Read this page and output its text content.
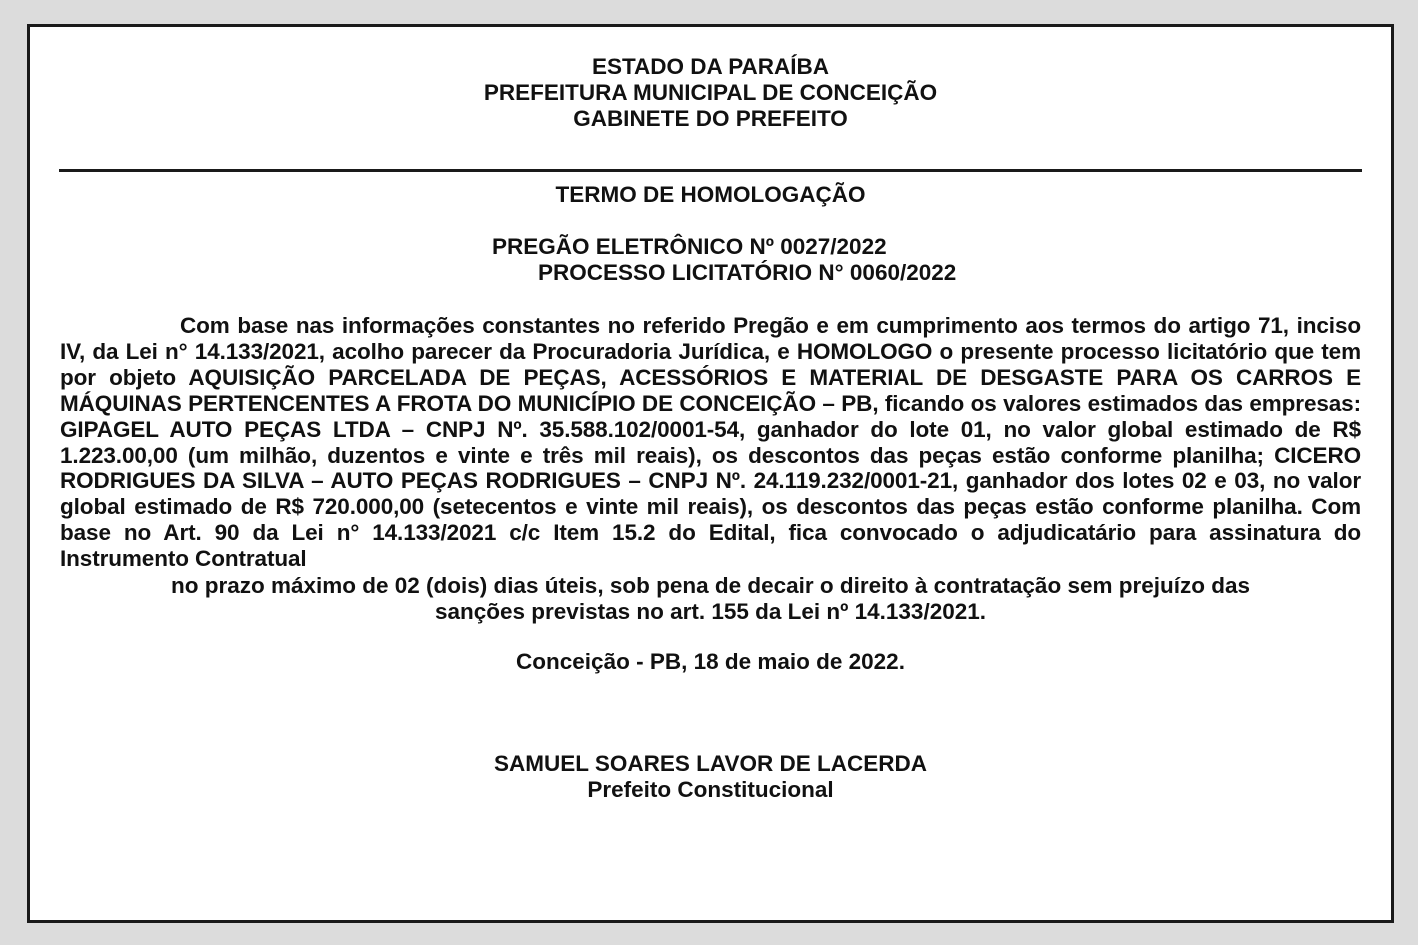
ESTADO DA PARAÍBA
PREFEITURA MUNICIPAL DE CONCEIÇÃO
GABINETE DO PREFEITO
TERMO DE HOMOLOGAÇÃO
PREGÃO ELETRÔNICO Nº 0027/2022
PROCESSO LICITATÓRIO N° 0060/2022
Com base nas informações constantes no referido Pregão e em cumprimento aos termos do artigo 71, inciso IV, da Lei n° 14.133/2021, acolho parecer da Procuradoria Jurídica, e HOMOLOGO o presente processo licitatório que tem por objeto AQUISIÇÃO PARCELADA DE PEÇAS, ACESSÓRIOS E MATERIAL DE DESGASTE PARA OS CARROS E MÁQUINAS PERTENCENTES A FROTA DO MUNICÍPIO DE CONCEIÇÃO – PB, ficando os valores estimados das empresas: GIPAGEL AUTO PEÇAS LTDA – CNPJ Nº. 35.588.102/0001-54, ganhador do lote 01, no valor global estimado de R$ 1.223.00,00 (um milhão, duzentos e vinte e três mil reais), os descontos das peças estão conforme planilha; CICERO RODRIGUES DA SILVA – AUTO PEÇAS RODRIGUES – CNPJ Nº. 24.119.232/0001-21, ganhador dos lotes 02 e 03, no valor global estimado de R$ 720.000,00 (setecentos e vinte mil reais), os descontos das peças estão conforme planilha. Com base no Art. 90 da Lei n° 14.133/2021 c/c Item 15.2 do Edital, fica convocado o adjudicatário para assinatura do Instrumento Contratual
no prazo máximo de 02 (dois) dias úteis, sob pena de decair o direito à contratação sem prejuízo das
sanções previstas no art. 155 da Lei nº 14.133/2021.
Conceição - PB, 18 de maio de 2022.
SAMUEL SOARES LAVOR DE LACERDA
Prefeito Constitucional
